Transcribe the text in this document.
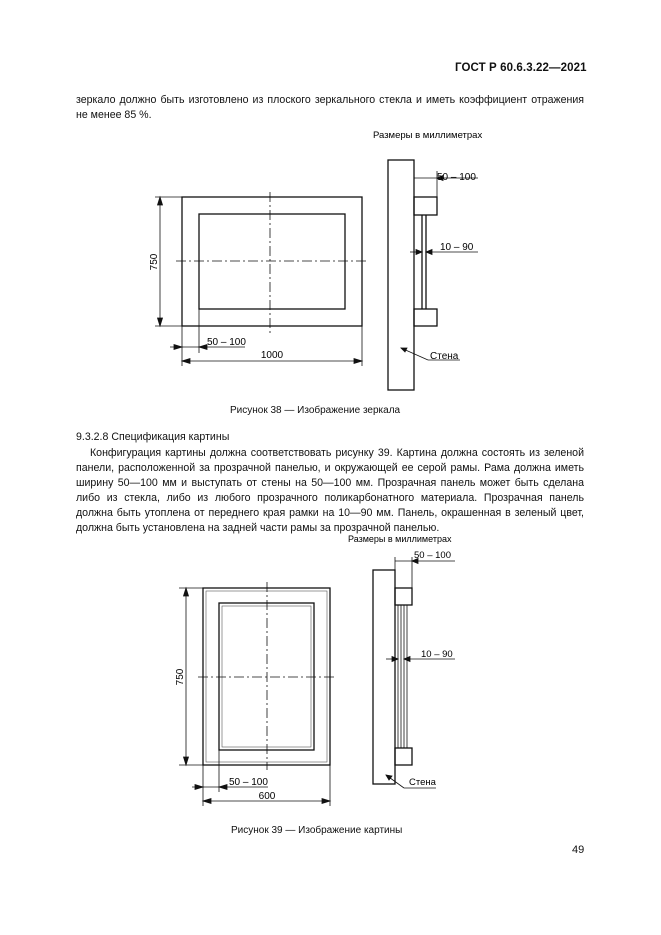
ГОСТ Р 60.6.3.22—2021
зеркало должно быть изготовлено из плоского зеркального стекла и иметь коэффициент отражения не менее 85 %.
750
1000
50 – 100
50 – 100
10 – 90
Стена
Размеры в миллиметрах
Рисунок 38 — Изображение зеркала
9.3.2.8 Спецификация картины
Конфигурация картины должна соответствовать рисунку 39. Картина должна состоять из зеленой панели, расположенной за прозрачной панелью, и окружающей ее серой рамы. Рама должна иметь ширину 50—100 мм и выступать от стены на 50—100 мм. Прозрачная панель может быть сделана либо из стекла, либо из любого прозрачного поликарбонатного материала. Прозрачная панель должна быть утоплена от переднего края рамки на 10—90 мм. Панель, окрашенная в зеленый цвет, должна быть установлена на задней части рамы за прозрачной панелью.
750
600
50 – 100
50 – 100
10 – 90
Стена
Размеры в миллиметрах
Рисунок 39 — Изображение картины
49
